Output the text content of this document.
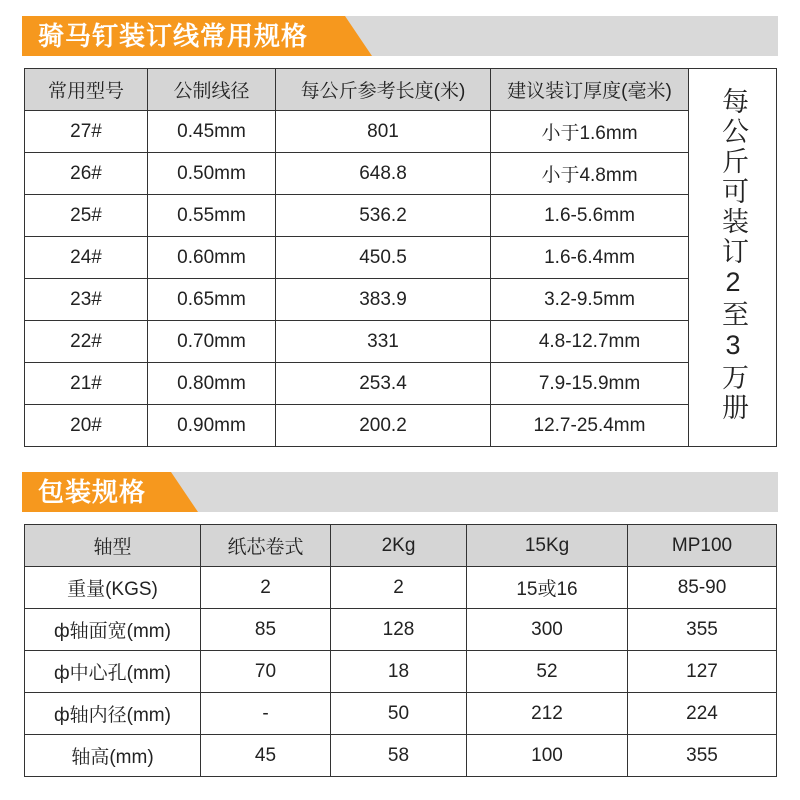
骑马钉装订线常用规格
常用型号	公制线径	每公斤参考长度(米)	建议装订厚度(毫米)	每公斤可装订2至3万册
27#	0.45mm	801	小于1.6mm	
26#	0.50mm	648.8	小于4.8mm	
25#	0.55mm	536.2	1.6-5.6mm	
24#	0.60mm	450.5	1.6-6.4mm	
23#	0.65mm	383.9	3.2-9.5mm	
22#	0.70mm	331	4.8-12.7mm	
21#	0.80mm	253.4	7.9-15.9mm	
20#	0.90mm	200.2	12.7-25.4mm	
包装规格
轴型	纸芯卷式	2Kg	15Kg	MP100
重量(KGS)	2	2	15或16	85-90
ф轴面宽(mm)	85	128	300	355
ф中心孔(mm)	70	18	52	127
ф轴内径(mm)	-	50	212	224
轴高(mm)	45	58	100	355
